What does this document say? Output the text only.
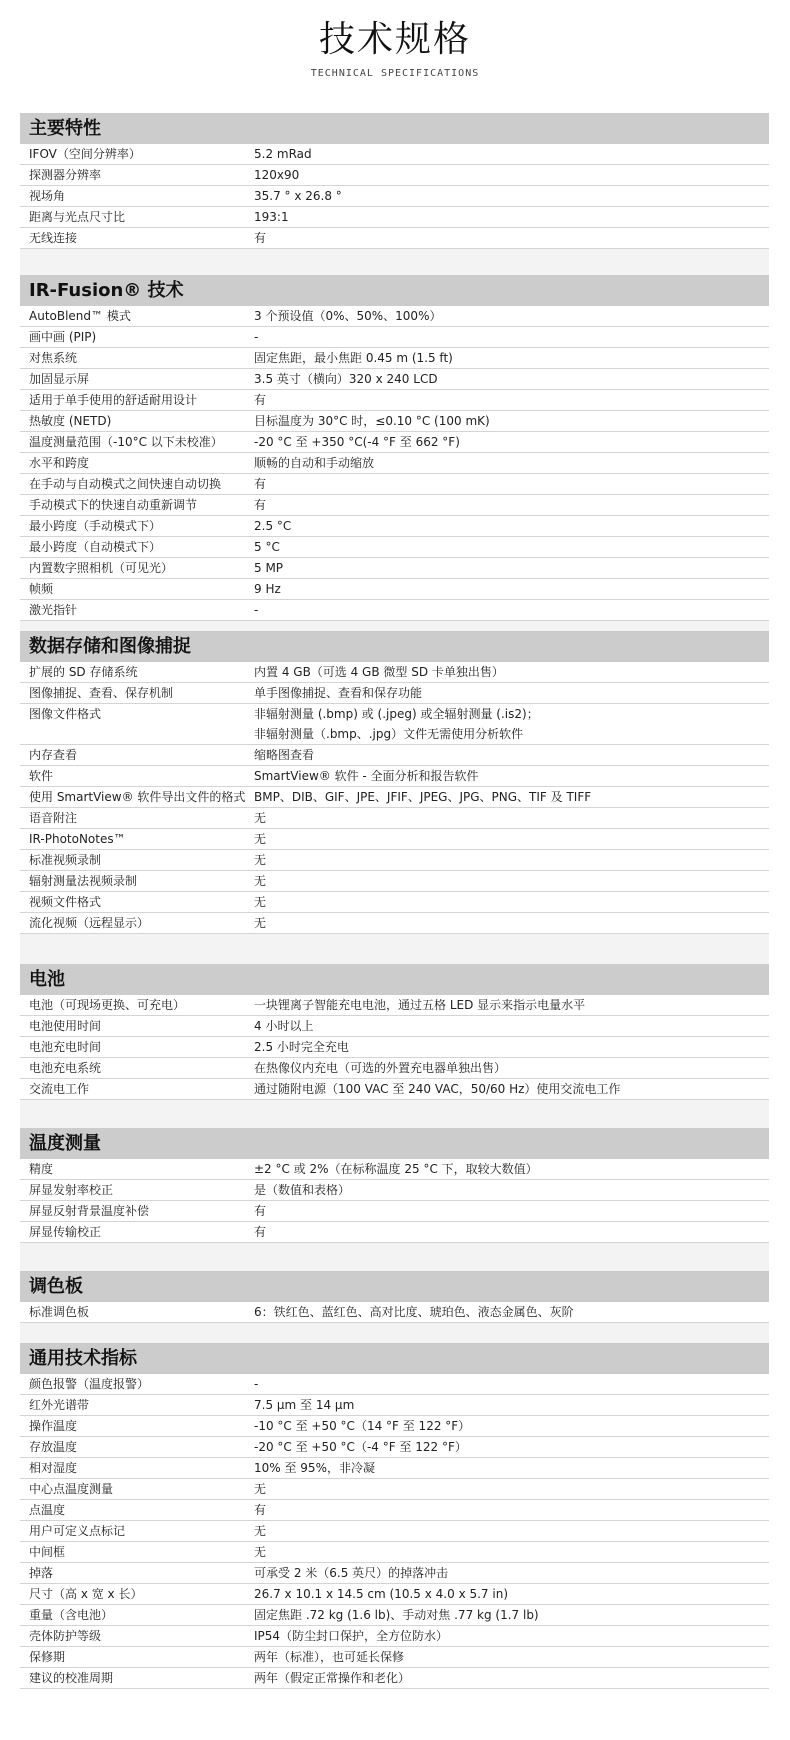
技术规格
TECHNICAL SPECIFICATIONS
主要特性
IFOV（空间分辨率）	5.2 mRad
探测器分辨率	120x90
视场角	35.7 ° x 26.8 °
距离与光点尺寸比	193:1
无线连接	有
IR-Fusion® 技术
AutoBlend™ 模式	3 个预设值（0%、50%、100%）
画中画 (PIP)	-
对焦系统	固定焦距，最小焦距 0.45 m (1.5 ft)
加固显示屏	3.5 英寸（横向）320 x 240 LCD
适用于单手使用的舒适耐用设计	有
热敏度 (NETD)	目标温度为 30°C 时，≤0.10 °C (100 mK)
温度测量范围（-10°C 以下未校准）	-20 °C 至 +350 °C(-4 °F 至 662 °F)
水平和跨度	顺畅的自动和手动缩放
在手动与自动模式之间快速自动切换	有
手动模式下的快速自动重新调节	有
最小跨度（手动模式下）	2.5 °C
最小跨度（自动模式下）	5 °C
内置数字照相机（可见光）	5 MP
帧频	9 Hz
激光指针	-
数据存储和图像捕捉
扩展的 SD 存储系统	内置 4 GB（可选 4 GB 微型 SD 卡单独出售）
图像捕捉、查看、保存机制	单手图像捕捉、查看和保存功能
图像文件格式	非辐射测量 (.bmp) 或 (.jpeg) 或全辐射测量 (.is2)；
非辐射测量（.bmp、.jpg）文件无需使用分析软件
内存查看	缩略图查看
软件	SmartView® 软件 - 全面分析和报告软件
使用 SmartView® 软件导出文件的格式 BMP、DIB、GIF、JPE、JFIF、JPEG、JPG、PNG、TIF 及 TIFF
语音附注	无
IR-PhotoNotes™	无
标准视频录制	无
辐射测量法视频录制	无
视频文件格式	无
流化视频（远程显示）	无
电池
电池（可现场更换、可充电）	一块锂离子智能充电电池，通过五格 LED 显示来指示电量水平
电池使用时间	4 小时以上
电池充电时间	2.5 小时完全充电
电池充电系统	在热像仪内充电（可选的外置充电器单独出售）
交流电工作	通过随附电源（100 VAC 至 240 VAC，50/60 Hz）使用交流电工作
温度测量
精度	±2 °C 或 2%（在标称温度 25 °C 下，取较大数值）
屏显发射率校正	是（数值和表格）
屏显反射背景温度补偿	有
屏显传输校正	有
调色板
标准调色板	6：铁红色、蓝红色、高对比度、琥珀色、液态金属色、灰阶
通用技术指标
颜色报警（温度报警）	-
红外光谱带	7.5 μm 至 14 μm
操作温度	-10 °C 至 +50 °C（14 °F 至 122 °F）
存放温度	-20 °C 至 +50 °C（-4 °F 至 122 °F）
相对湿度	10% 至 95%，非冷凝
中心点温度测量	无
点温度	有
用户可定义点标记	无
中间框	无
掉落	可承受 2 米（6.5 英尺）的掉落冲击
尺寸（高 x 宽 x 长）	26.7 x 10.1 x 14.5 cm (10.5 x 4.0 x 5.7 in)
重量（含电池）	固定焦距 .72 kg (1.6 lb)、手动对焦 .77 kg (1.7 lb)
壳体防护等级	IP54（防尘封口保护，全方位防水）
保修期	两年（标准），也可延长保修
建议的校准周期	两年（假定正常操作和老化）
